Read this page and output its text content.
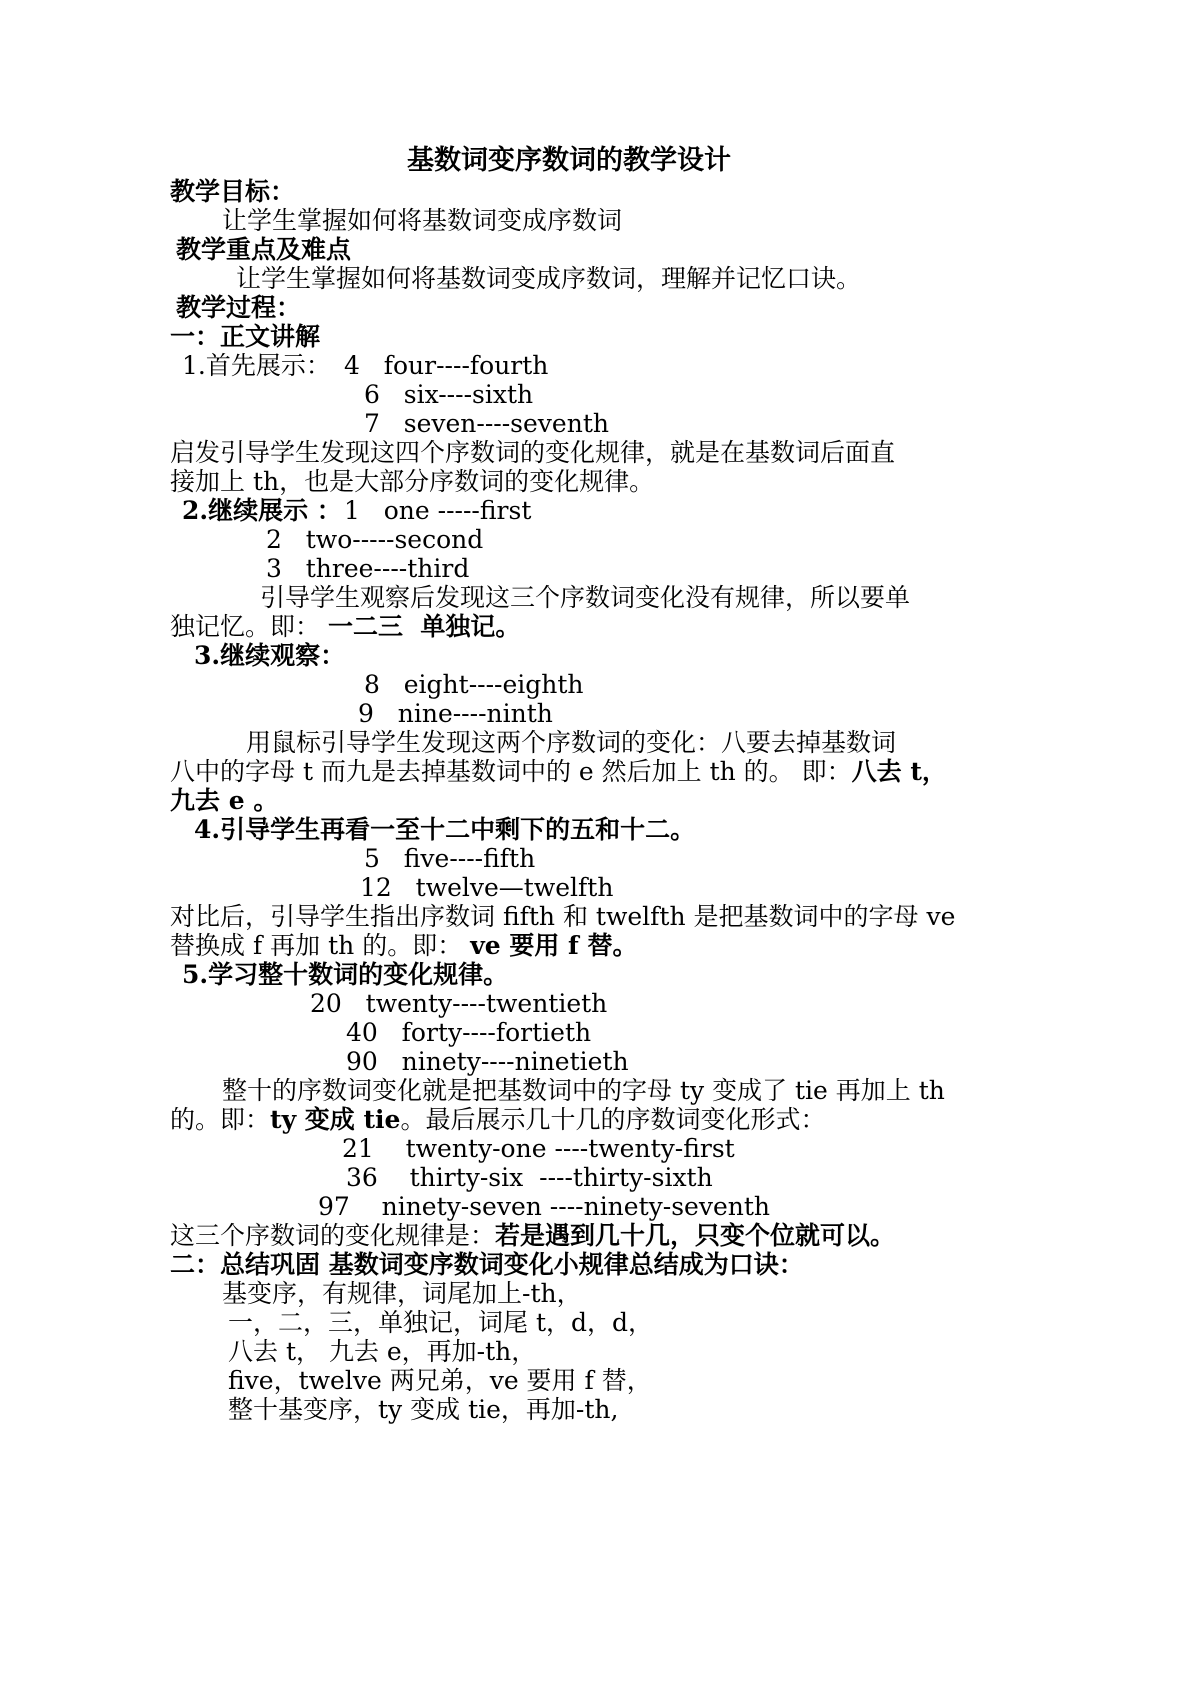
基数词变序数词的教学设计
教学目标：
让学生掌握如何将基数词变成序数词
教学重点及难点
让学生掌握如何将基数词变成序数词，理解并记忆口诀。
教学过程：
一：正文讲解
1.首先展示： 4   four----fourth
6   six----sixth
7   seven----seventh
启发引导学生发现这四个序数词的变化规律，就是在基数词后面直
接加上 th，也是大部分序数词的变化规律。
2.继续展示 ： 1   one -----first
2   two-----second
3   three----third
引导学生观察后发现这三个序数词变化没有规律，所以要单
独记忆。即： 一二三  单独记。
3.继续观察：
8   eight----eighth
9   nine----ninth
用鼠标引导学生发现这两个序数词的变化：八要去掉基数词
八中的字母 t 而九是去掉基数词中的 e 然后加上 th 的。 即：八去 t，
九去 e 。
4.引导学生再看一至十二中剩下的五和十二。
5   five----fifth
12   twelve—twelfth
对比后，引导学生指出序数词 fifth 和 twelfth 是把基数词中的字母 ve
替换成 f 再加 th 的。即： ve 要用 f 替。
5.学习整十数词的变化规律。
20   twenty----twentieth
40   forty----fortieth
90   ninety----ninetieth
整十的序数词变化就是把基数词中的字母 ty 变成了 tie 再加上 th
的。即：ty 变成 tie。最后展示几十几的序数词变化形式：
21    twenty-one ----twenty-first
36    thirty-six  ----thirty-sixth
97    ninety-seven ----ninety-seventh
这三个序数词的变化规律是：若是遇到几十几，只变个位就可以。
二：总结巩固 基数词变序数词变化小规律总结成为口诀：
基变序，有规律，词尾加上-th，
一，二，三，单独记，词尾 t，d，d，
八去 t， 九去 e，再加-th，
five，twelve 两兄弟，ve 要用 f 替，
整十基变序，ty 变成 tie，再加-th,
